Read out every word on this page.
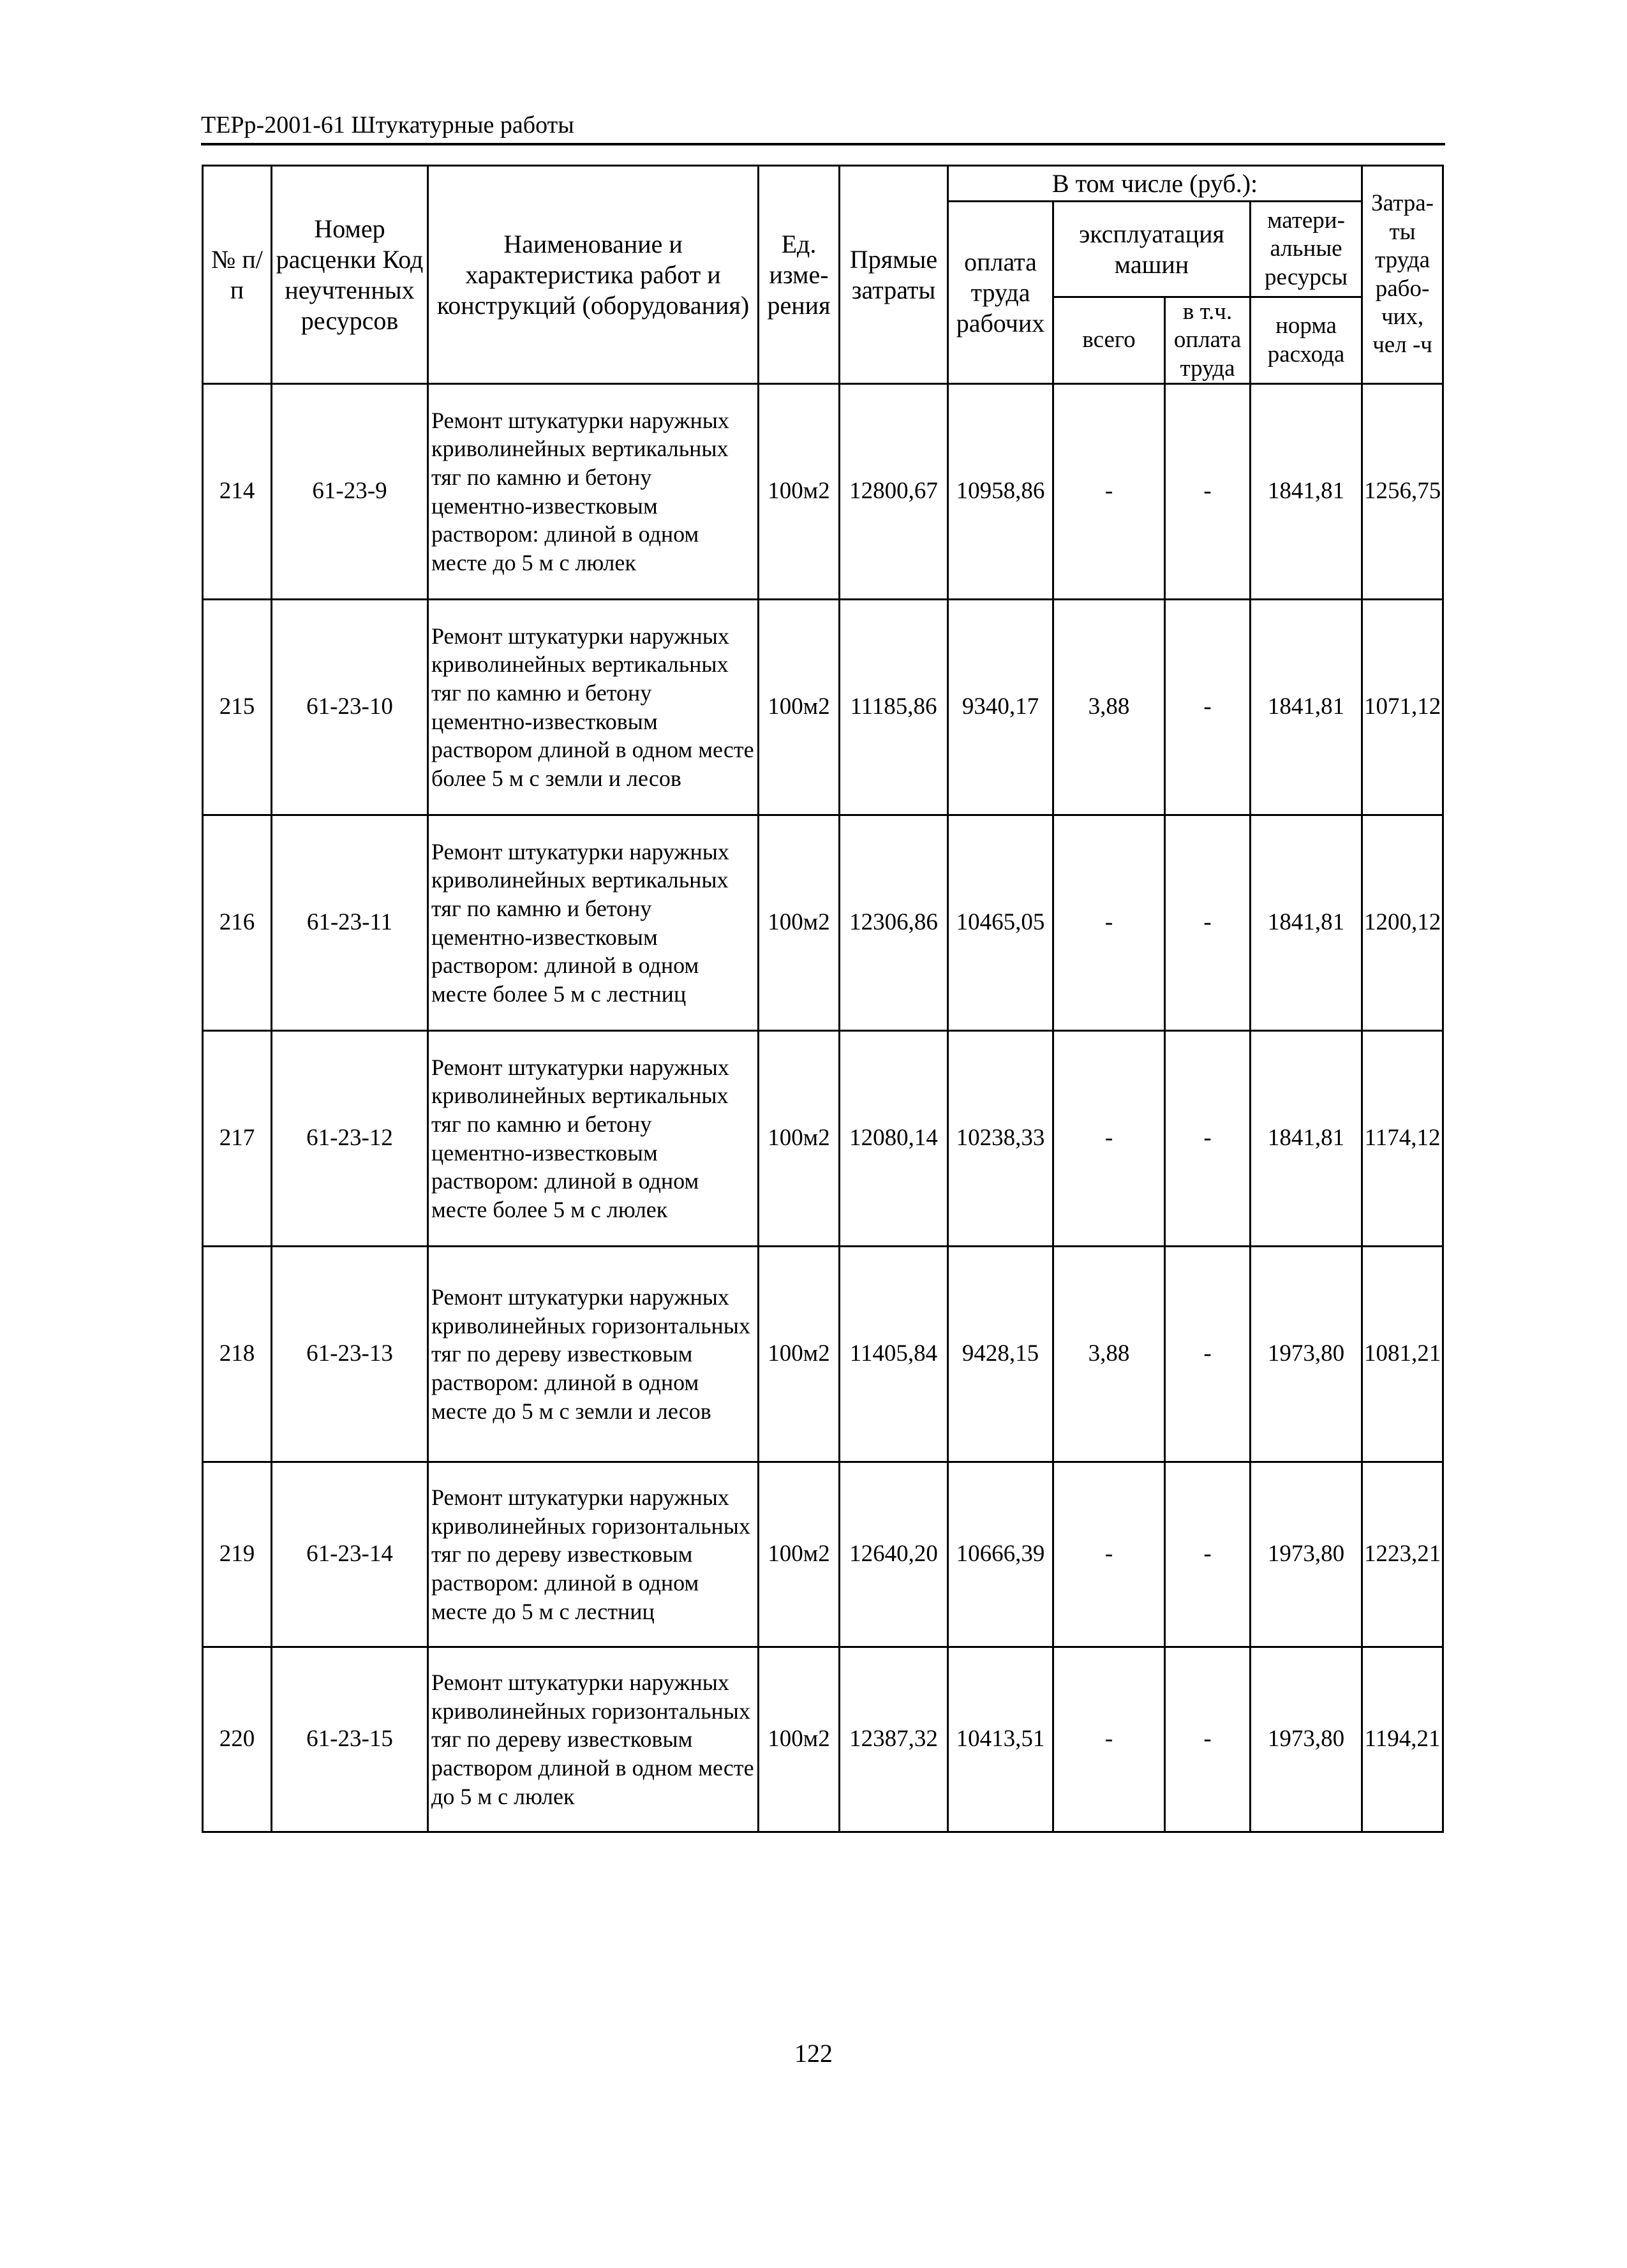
ТЕРр-2001-61 Штукатурные работы
№ п/п	Номер расценки Код неучтенных ресурсов	Наименование и характеристика работ и конструкций (оборудования)	Ед. изме-рения	Прямые затраты	В том числе (руб.):				Затра-ты труда рабо-чих, чел -ч
					оплата труда рабочих	эксплуатация машин		матери-альные ресурсы	
						всего	в т.ч. оплата труда	норма расхода	

214	61-23-9	Ремонт штукатурки наружных криволинейных вертикальных тяг по камню и бетону цементно-известковым раствором: длиной в одном месте до 5 м с люлек	100м2	12800,67	10958,86	-	-	1841,81	1256,75
215	61-23-10	Ремонт штукатурки наружных криволинейных вертикальных тяг по камню и бетону цементно-известковым раствором длиной в одном месте более 5 м с земли и лесов	100м2	11185,86	9340,17	3,88	-	1841,81	1071,12
216	61-23-11	Ремонт штукатурки наружных криволинейных вертикальных тяг по камню и бетону цементно-известковым раствором: длиной в одном месте более 5 м с лестниц	100м2	12306,86	10465,05	-	-	1841,81	1200,12
217	61-23-12	Ремонт штукатурки наружных криволинейных вертикальных тяг по камню и бетону цементно-известковым раствором: длиной в одном месте более 5 м с люлек	100м2	12080,14	10238,33	-	-	1841,81	1174,12
218	61-23-13	Ремонт штукатурки наружных криволинейных горизонтальных тяг по дереву известковым раствором: длиной в одном месте до 5 м с земли и лесов	100м2	11405,84	9428,15	3,88	-	1973,80	1081,21
219	61-23-14	Ремонт штукатурки наружных криволинейных горизонтальных тяг по дереву известковым раствором: длиной в одном месте до 5 м с лестниц	100м2	12640,20	10666,39	-	-	1973,80	1223,21
220	61-23-15	Ремонт штукатурки наружных криволинейных горизонтальных тяг по дереву известковым раствором длиной в одном месте до 5 м с люлек	100м2	12387,32	10413,51	-	-	1973,80	1194,21
122
